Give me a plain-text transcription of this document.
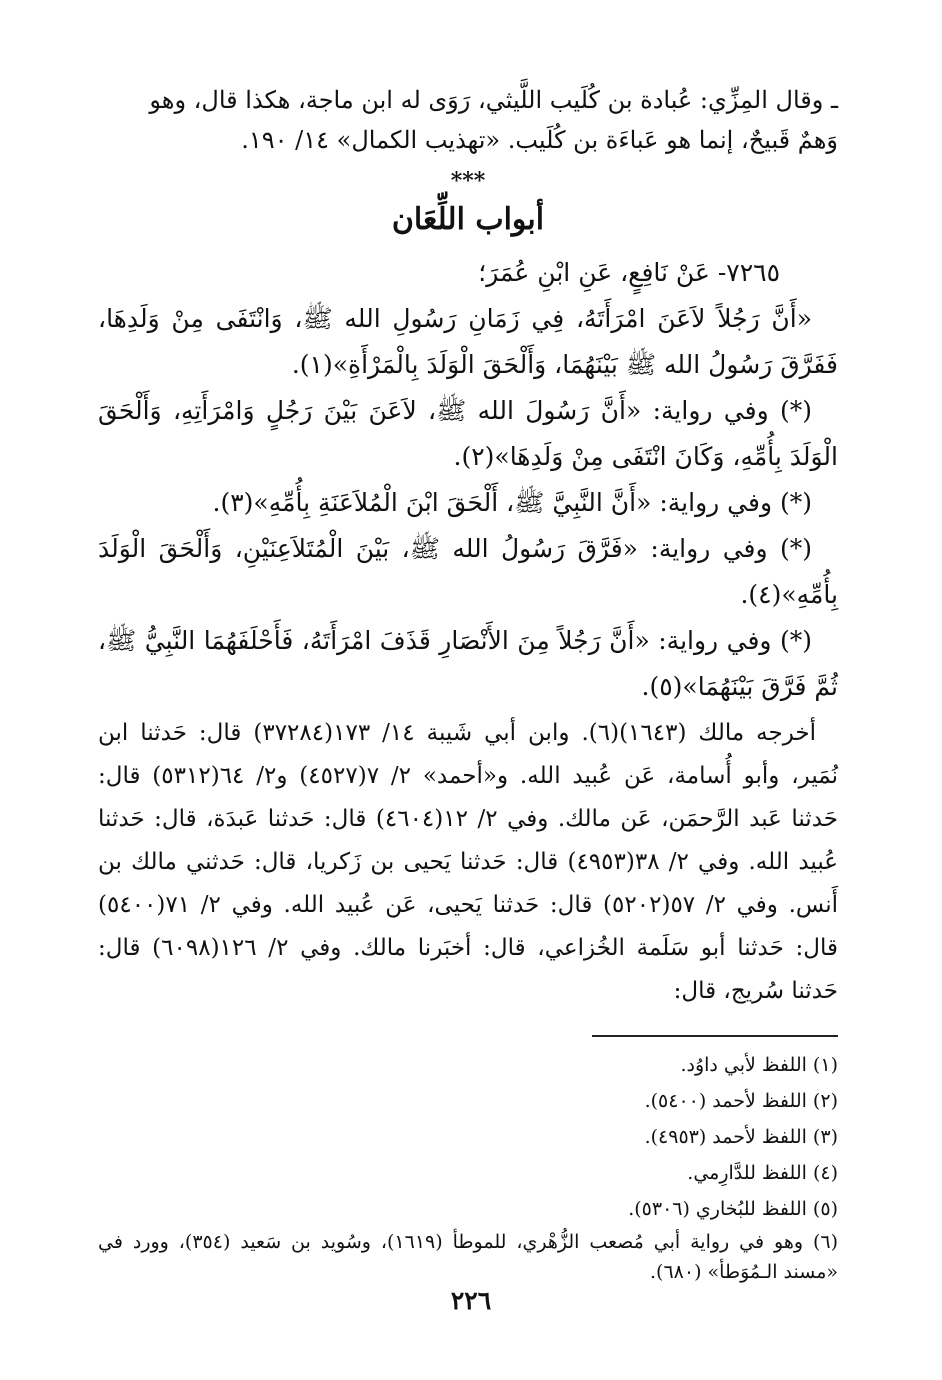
ـ وقال المِزِّي: عُبادة بن كُلَيب اللَّيثي، رَوَى له ابن ماجة، هكذا قال، وهو

وَهمٌ قَبيحٌ، إنما هو عَباءَة بن كُلَيب. «تهذيب الكمال» ١٤/ ١٩٠.

***
أبواب اللِّعَان

٧٢٦٥- عَنْ نَافِعٍ، عَنِ ابْنِ عُمَرَ؛

«أَنَّ رَجُلاً لاَعَنَ امْرَأَتَهُ، فِي زَمَانِ رَسُولِ الله ﷺ، وَانْتَفَى مِنْ وَلَدِهَا، فَفَرَّقَ رَسُولُ الله ﷺ بَيْنَهُمَا، وَأَلْحَقَ الْوَلَدَ بِالْمَرْأَةِ»(١).

(*) وفي رواية: «أَنَّ رَسُولَ الله ﷺ، لاَعَنَ بَيْنَ رَجُلٍ وَامْرَأَتِهِ، وَأَلْحَقَ الْوَلَدَ بِأُمِّهِ، وَكَانَ انْتَفَى مِنْ وَلَدِهَا»(٢).

(*) وفي رواية: «أَنَّ النَّبِيَّ ﷺ، أَلْحَقَ ابْنَ الْمُلاَعَنَةِ بِأُمِّهِ»(٣).

(*) وفي رواية: «فَرَّقَ رَسُولُ الله ﷺ، بَيْنَ الْمُتَلاَعِنَيْنِ، وَأَلْحَقَ الْوَلَدَ بِأُمِّهِ»(٤).

(*) وفي رواية: «أَنَّ رَجُلاً مِنَ الأَنْصَارِ قَذَفَ امْرَأَتَهُ، فَأَحْلَفَهُمَا النَّبِيُّ ﷺ، ثُمَّ فَرَّقَ بَيْنَهُمَا»(٥).

أخرجه مالك (١٦٤٣)(٦). وابن أبي شَيبة ١٤/ ١٧٣(٣٧٢٨٤) قال: حَدثنا ابن نُمَير، وأبو أُسامة، عَن عُبيد الله. و«أحمد» ٢/ ٧(٤٥٢٧) و٢/ ٦٤(٥٣١٢) قال: حَدثنا عَبد الرَّحمَن، عَن مالك. وفي ٢/ ١٢(٤٦٠٤) قال: حَدثنا عَبدَة، قال: حَدثنا عُبيد الله. وفي ٢/ ٣٨(٤٩٥٣) قال: حَدثنا يَحيى بن زَكريا، قال: حَدثني مالك بن أَنس. وفي ٢/ ٥٧(٥٢٠٢) قال: حَدثنا يَحيى، عَن عُبيد الله. وفي ٢/ ٧١(٥٤٠٠) قال: حَدثنا أبو سَلَمة الخُزاعي، قال: أخبَرنا مالك. وفي ٢/ ١٢٦(٦٠٩٨) قال: حَدثنا سُريج، قال:

(١) اللفظ لأبي داوُد.

(٢) اللفظ لأحمد (٥٤٠٠).

(٣) اللفظ لأحمد (٤٩٥٣).

(٤) اللفظ للدَّارِمي.

(٥) اللفظ للبُخاري (٥٣٠٦).

(٦) وهو في رواية أبي مُصعب الزُّهْري، للموطأ (١٦١٩)، وسُويد بن سَعيد (٣٥٤)، وورد في «مسند الـمُوَطأ» (٦٨٠).

٢٢٦
